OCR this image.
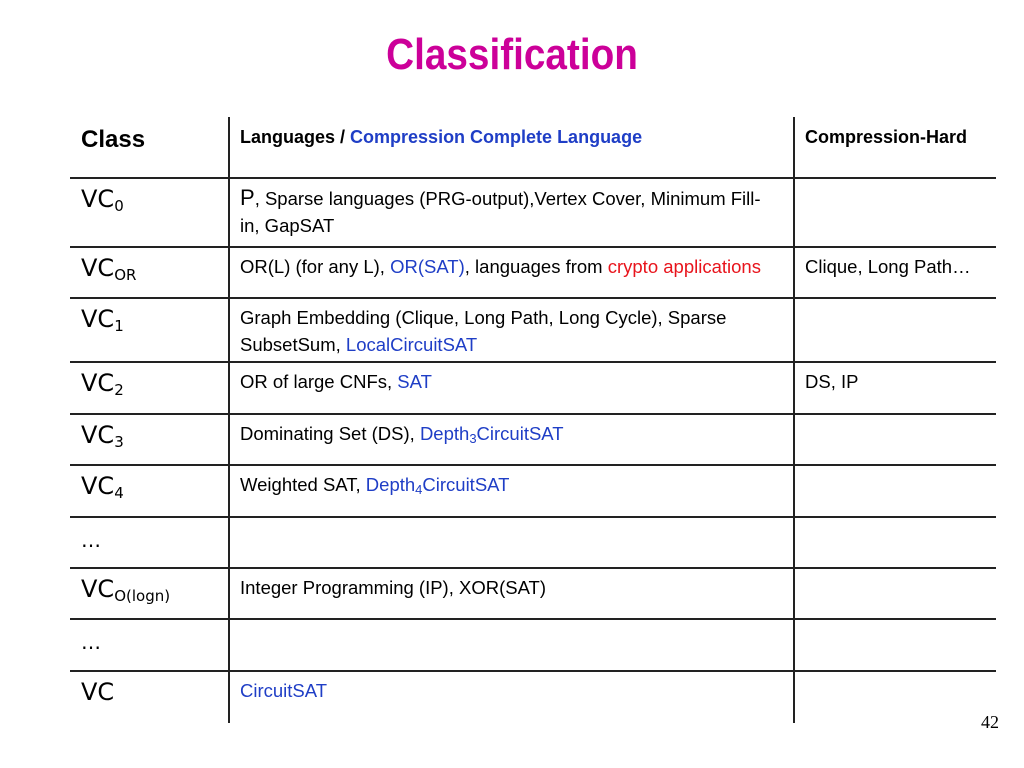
Classification
Class	Languages / Compression Complete Language	Compression-Hard
$VC_0$	P, Sparse languages (PRG-output),Vertex Cover, Minimum Fill-in, GapSAT	
$VC_{OR}$	OR(L) (for any L), OR(SAT), languages from crypto applications	Clique, Long Path…
$VC_1$	Graph Embedding (Clique, Long Path, Long Cycle), Sparse SubsetSum, LocalCircuitSAT	
$VC_2$	OR of large CNFs, SAT	DS, IP
$VC_3$	Dominating Set (DS), Depth$_3$CircuitSAT	
$VC_4$	Weighted SAT, Depth$_4$CircuitSAT	
…		
$VC_{O(logn)}$	Integer Programming (IP), XOR(SAT)	
…		
VC	CircuitSAT	
42
